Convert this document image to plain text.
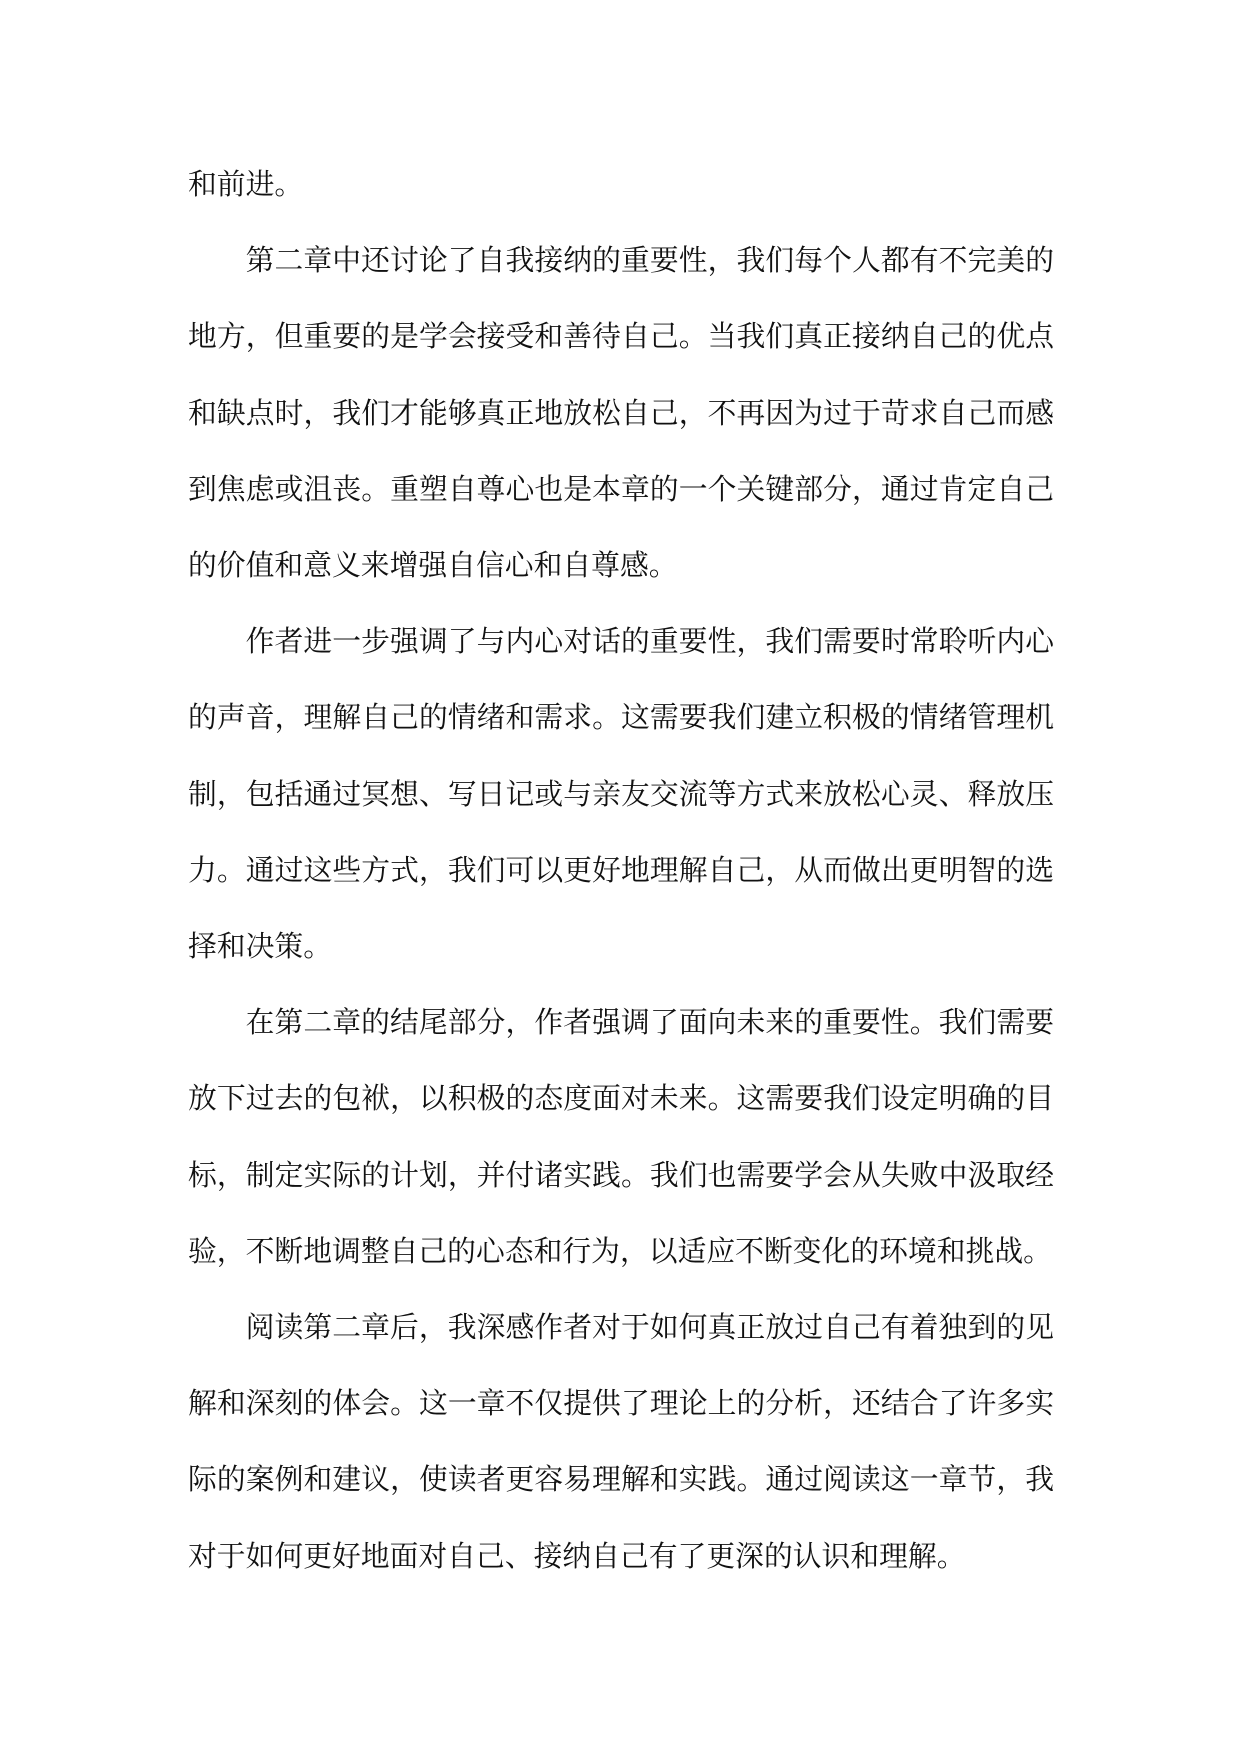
和前进。

第二章中还讨论了自我接纳的重要性，我们每个人都有不完美的地方，但重要的是学会接受和善待自己。当我们真正接纳自己的优点和缺点时，我们才能够真正地放松自己，不再因为过于苛求自己而感到焦虑或沮丧。重塑自尊心也是本章的一个关键部分，通过肯定自己的价值和意义来增强自信心和自尊感。

作者进一步强调了与内心对话的重要性，我们需要时常聆听内心的声音，理解自己的情绪和需求。这需要我们建立积极的情绪管理机制，包括通过冥想、写日记或与亲友交流等方式来放松心灵、释放压力。通过这些方式，我们可以更好地理解自己，从而做出更明智的选择和决策。

在第二章的结尾部分，作者强调了面向未来的重要性。我们需要放下过去的包袱，以积极的态度面对未来。这需要我们设定明确的目标，制定实际的计划，并付诸实践。我们也需要学会从失败中汲取经验，不断地调整自己的心态和行为，以适应不断变化的环境和挑战。

阅读第二章后，我深感作者对于如何真正放过自己有着独到的见解和深刻的体会。这一章不仅提供了理论上的分析，还结合了许多实际的案例和建议，使读者更容易理解和实践。通过阅读这一章节，我对于如何更好地面对自己、接纳自己有了更深的认识和理解。
